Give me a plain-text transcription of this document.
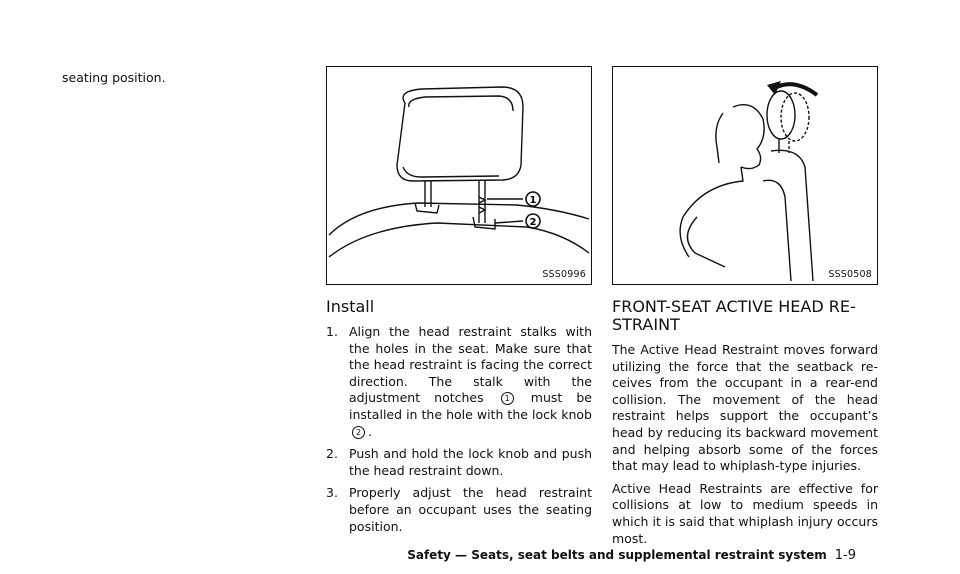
seating position.
1
2
SSS0996	SSS0508
Install
1. Align the head restraint stalks with the holes in the seat. Make sure that the head restraint is facing the correct direction. The stalk with the adjustment notches	1 must be installed in the hole with the lock knob 2 .
2. Push and hold the lock knob and push the head restraint down.
3. Properly adjust the head restraint before an occupant uses the seating position.
FRONT-SEAT ACTIVE HEAD RE-
STRAINT

The Active Head Restraint moves forward utilizing the force that the seatback re- ceives from the occupant in a rear-end collision. The movement of the head restraint helps support the occupant’s head by reducing its backward movement and helping absorb some of the forces that may lead to whiplash-type injuries.

Active Head Restraints are effective for collisions at low to medium speeds in which it is said that whiplash injury occurs most.

Safety — Seats, seat belts and supplemental restraint system 1-9
